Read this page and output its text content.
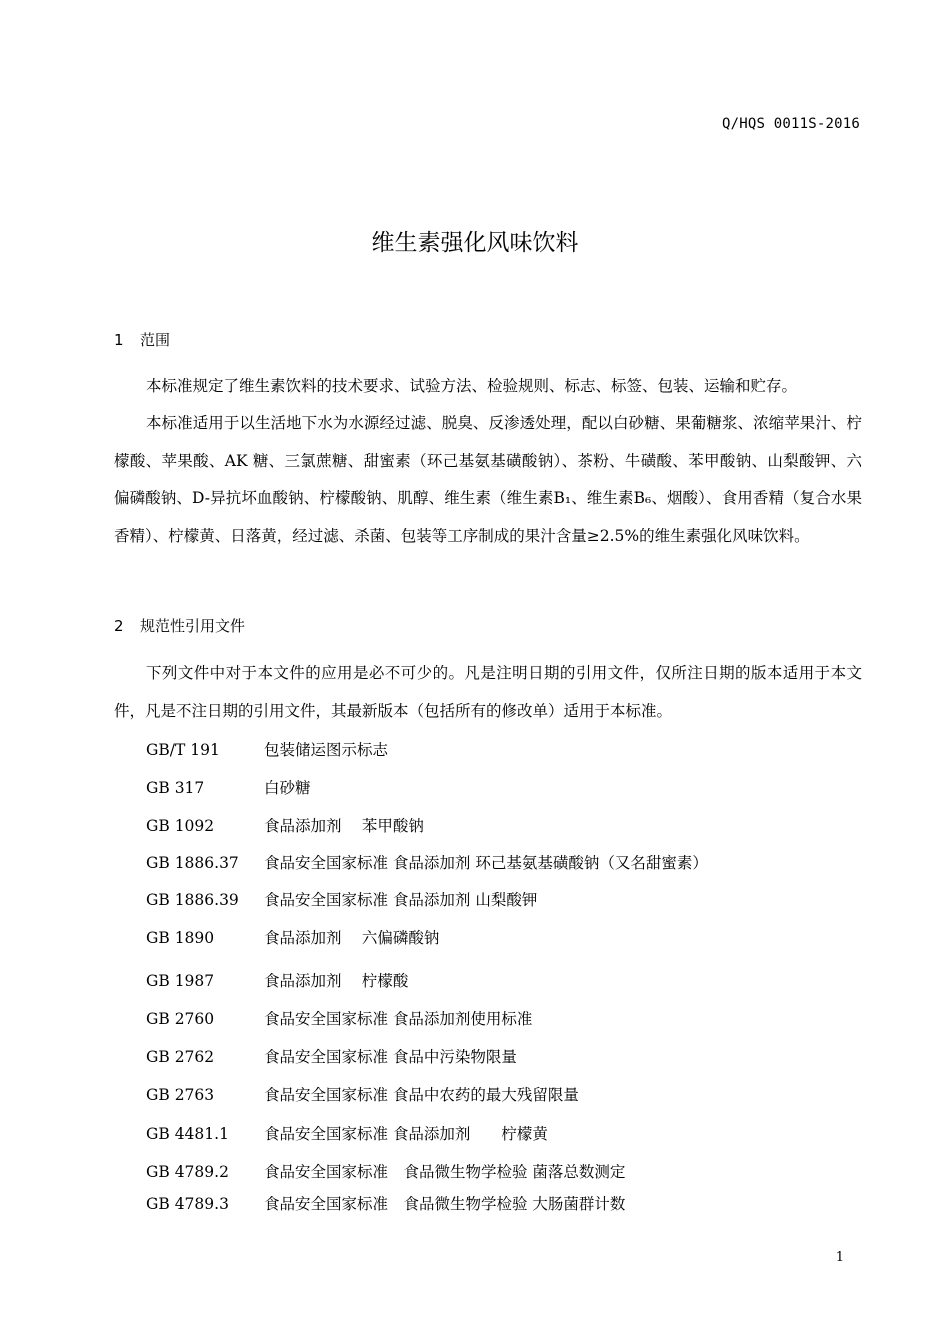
Q/HQS 0011S-2016
维生素强化风味饮料
1 范围

本标准规定了维生素饮料的技术要求、试验方法、检验规则、标志、标签、包装、运输和贮存。

本标准适用于以生活地下水为水源经过滤、脱臭、反渗透处理，配以白砂糖、果葡糖浆、浓缩苹果汁、柠檬酸、苹果酸、AK 糖、三氯蔗糖、甜蜜素（环己基氨基磺酸钠）、茶粉、牛磺酸、苯甲酸钠、山梨酸钾、六偏磷酸钠、D-异抗坏血酸钠、柠檬酸钠、肌醇、维生素（维生素B₁、维生素B₆、烟酸）、食用香精（复合水果香精）、柠檬黄、日落黄，经过滤、杀菌、包装等工序制成的果汁含量≥2.5%的维生素强化风味饮料。

2 规范性引用文件

下列文件中对于本文件的应用是必不可少的。凡是注明日期的引用文件，仅所注日期的版本适用于本文件，凡是不注日期的引用文件，其最新版本（包括所有的修改单）适用于本标准。

GB/T 191	包装储运图示标志
GB 317	白砂糖
GB 1092	食品添加剂　 苯甲酸钠
GB 1886.37 食品安全国家标准 食品添加剂 环己基氨基磺酸钠（又名甜蜜素）
GB 1886.39 食品安全国家标准 食品添加剂 山梨酸钾
GB 1890	食品添加剂　 六偏磷酸钠
GB 1987	食品添加剂　 柠檬酸
GB 2760	食品安全国家标准 食品添加剂使用标准
GB 2762	食品安全国家标准 食品中污染物限量
GB 2763	食品安全国家标准 食品中农药的最大残留限量
GB 4481.1 食品安全国家标准 食品添加剂　　柠檬黄
GB 4789.2 食品安全国家标准　食品微生物学检验 菌落总数测定
GB 4789.3 食品安全国家标准　食品微生物学检验 大肠菌群计数
1
